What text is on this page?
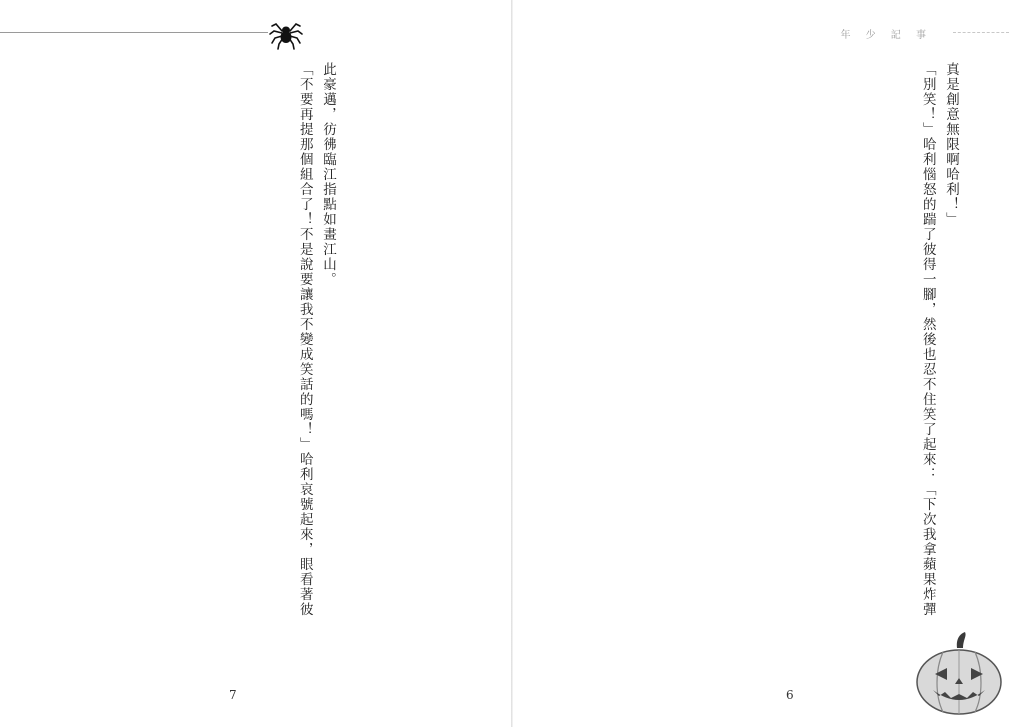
此豪邁，彷彿臨江指點如畫江山。

「不要再提那個組合了！不是說要讓我不變成笑話的嗎！」哈利哀號起來，眼看著彼

7
年 少 記 事

真是創意無限啊哈利！」

「別笑！」哈利惱怒的踹了彼得一腳，然後也忍不住笑了起來：「下次我拿蘋果炸彈

6
